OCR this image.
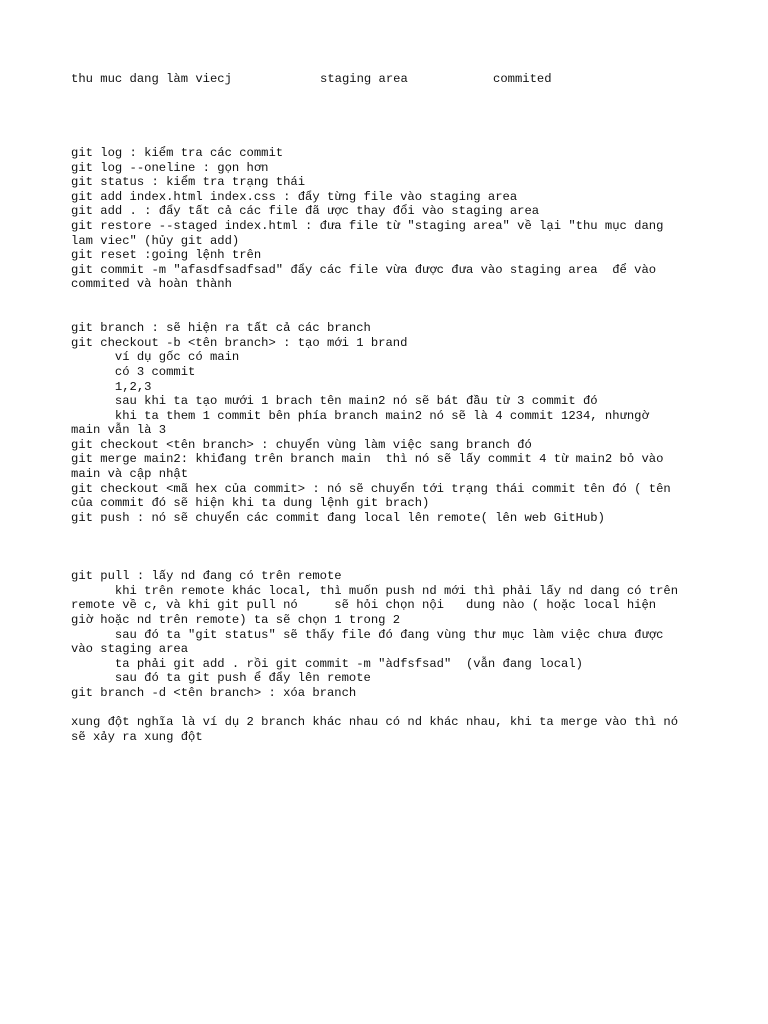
thu muc dang làm viecj

	staging area

	commited

git log : kiểm tra các commit
git log --oneline : gọn hơn
git status : kiểm tra trạng thái
git add index.html index.css : đẩy từng file vào staging area
git add . : đẩy tất cả các file đã ược thay đổi vào staging area
git restore --staged index.html : đưa file từ "staging area" về lại "thu mục dang
lam viec" (hủy git add)
git reset :going lệnh trên
git commit -m "afasdfsadfsad" đẩy các file vừa được đưa vào staging area  để vào
commited và hoàn thành
git branch : sẽ hiện ra tất cả các branch
git checkout -b <tên branch> : tạo mới 1 brand
ví dụ gốc có main
có 3 commit
1,2,3
sau khi ta tạo mưới 1 brach tên main2 nó sẽ bát đầu từ 3 commit đó
khi ta them 1 commit bên phía branch main2 nó sẽ là 4 commit 1234, nhưngờ
main vẫn là 3
git checkout <tên branch> : chuyển vùng làm việc sang branch đó
git merge main2: khiđang trên branch main  thì nó sẽ lấy commit 4 từ main2 bỏ vào
main và cập nhật
git checkout <mã hex của commit> : nó sẽ chuyển tới trạng thái commit tên đó ( tên
của commit đó sẽ hiện khi ta dung lệnh git brach)
git push : nó sẽ chuyển các commit đang local lên remote( lên web GitHub)
git pull : lấy nd đang có trên remote
khi trên remote khác local, thì muốn push nd mới thì phải lấy nd dang có trên
remote về c, và khi git pull nó     sẽ hỏi chọn nội   dung nào ( hoặc local hiện
giờ hoặc nd trên remote) ta sẽ chọn 1 trong 2
sau đó ta "git status" sẽ thấy file đó đang vùng thư mục làm việc chưa được
vào staging area
ta phải git add . rồi git commit -m "àdfsfsad"  (vẫn đang local)
sau đó ta git push ể đẩy lên remote
git branch -d <tên branch> : xóa branch
xung đột nghĩa là ví dụ 2 branch khác nhau có nd khác nhau, khi ta merge vào thì nó
sẽ xảy ra xung đột
